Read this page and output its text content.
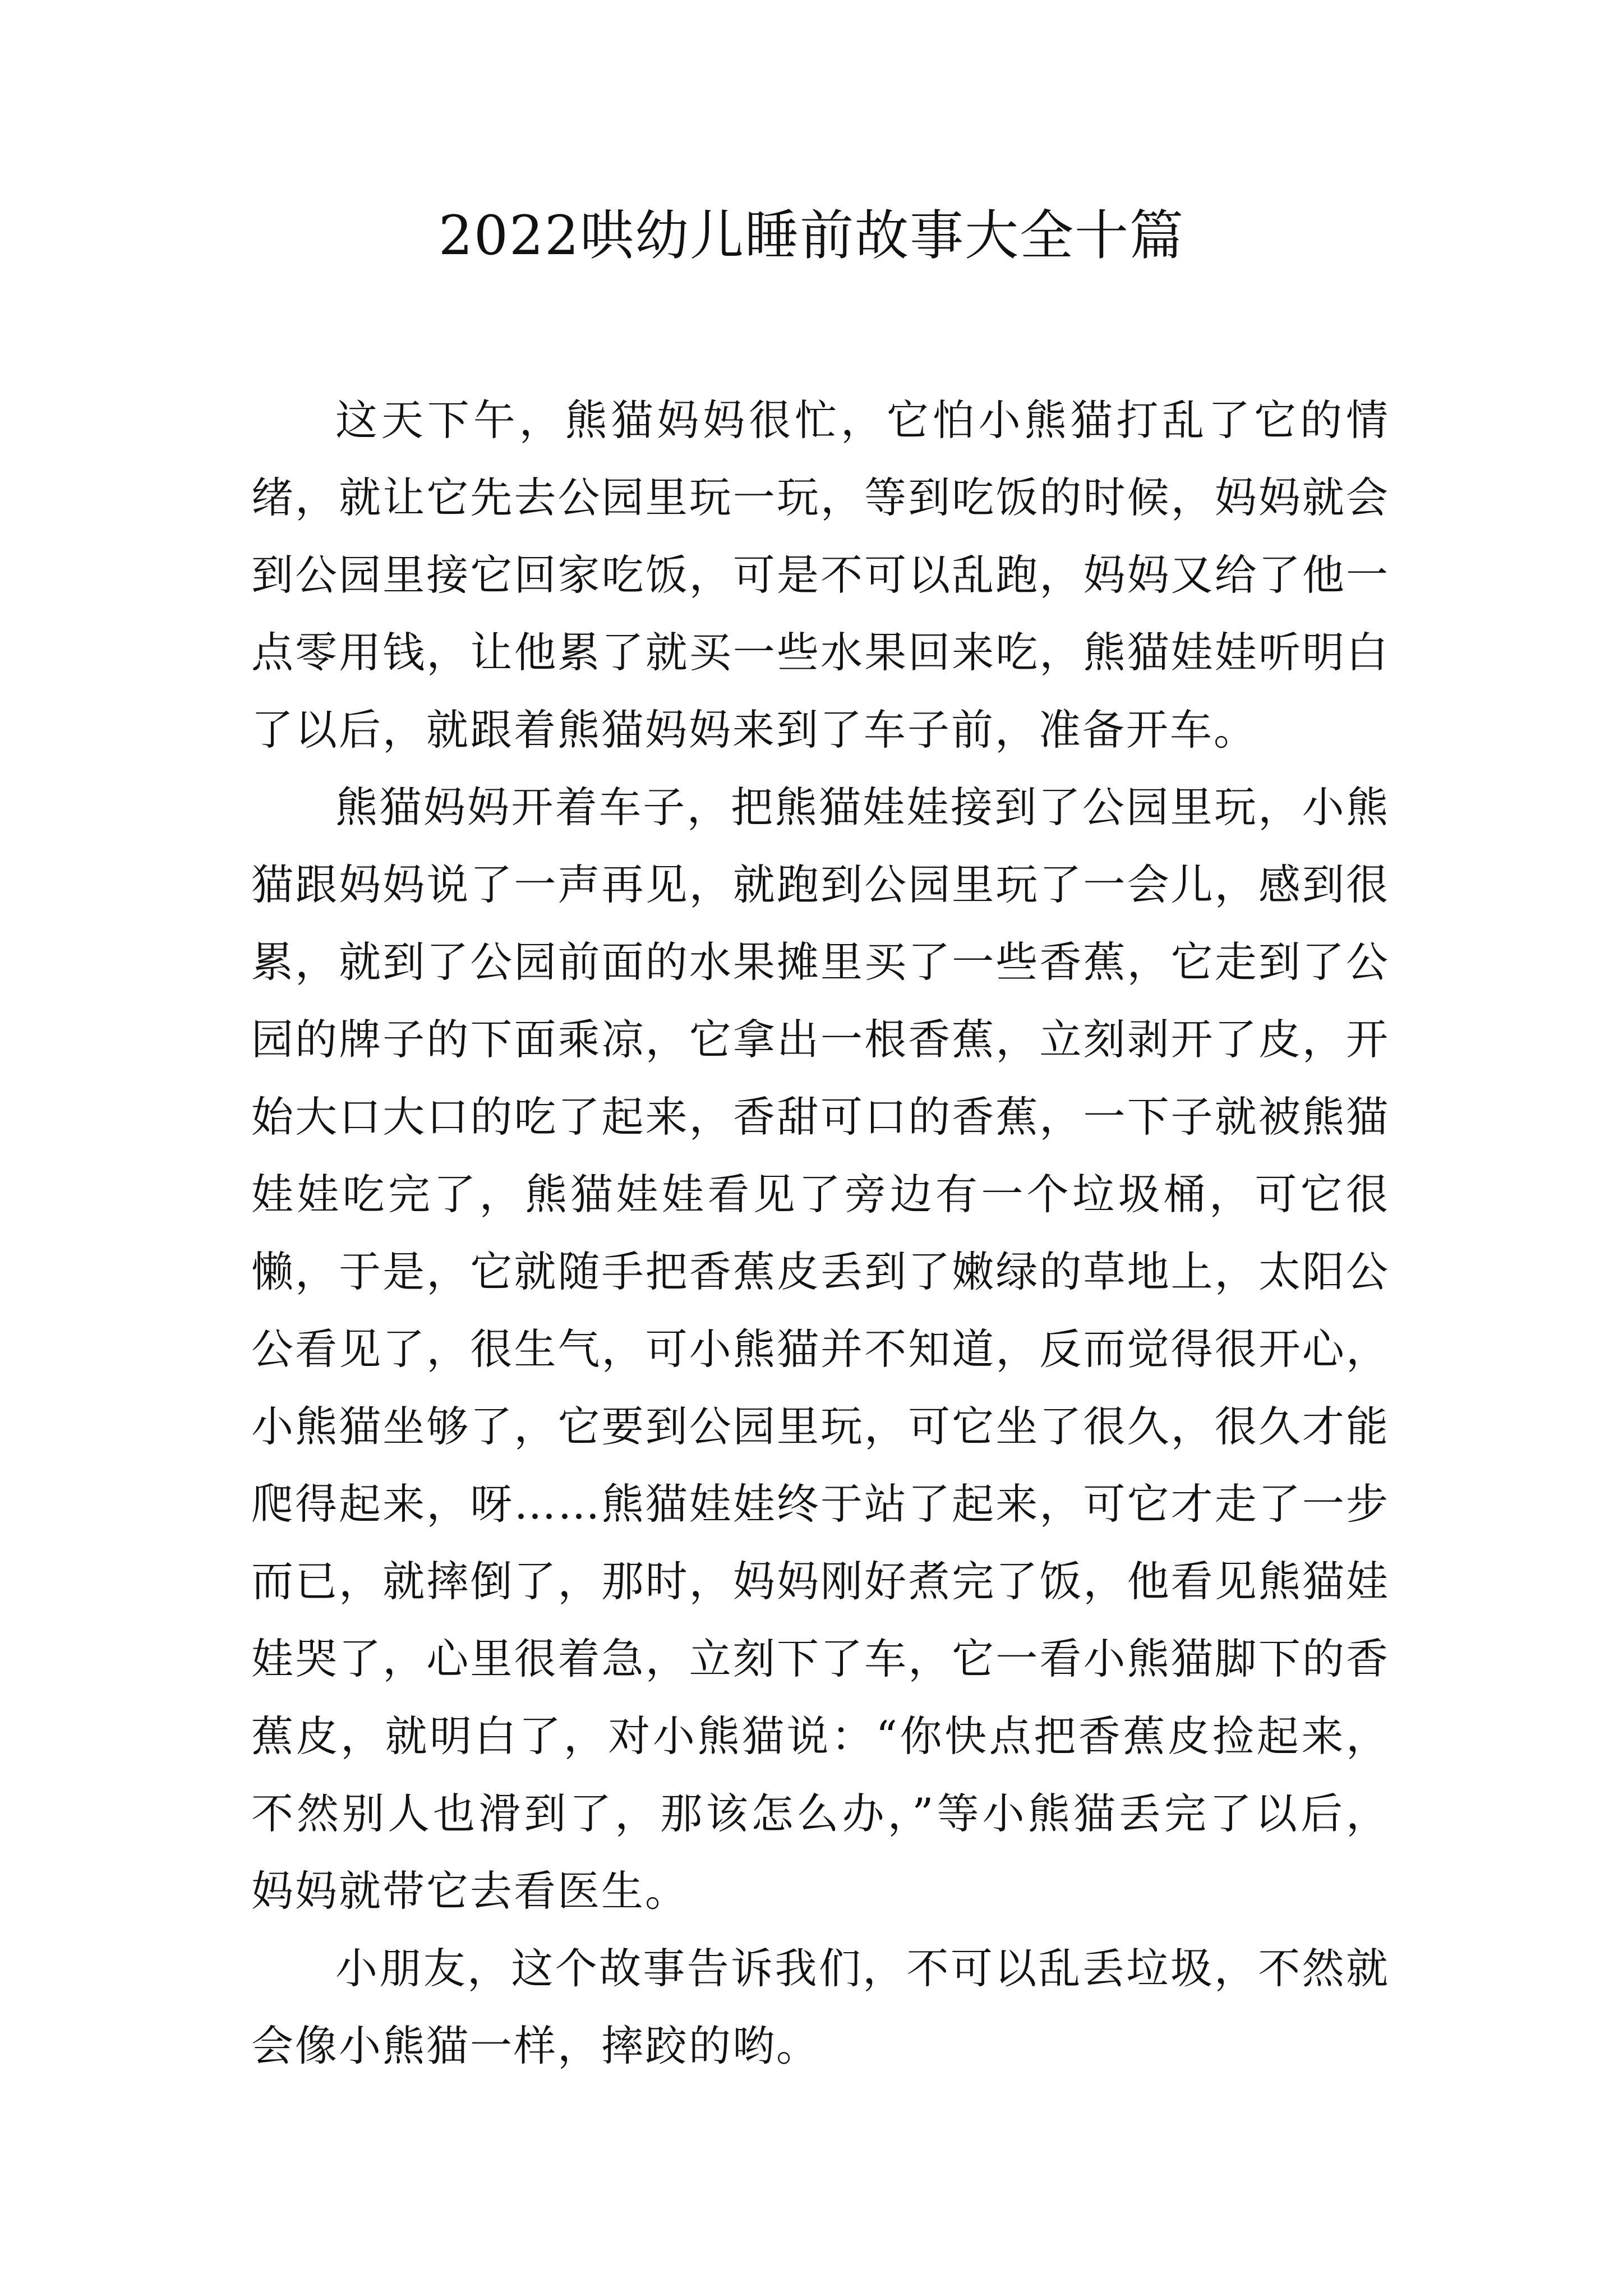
2022哄幼儿睡前故事大全十篇

这天下午，熊猫妈妈很忙，它怕小熊猫打乱了它的情绪，就让它先去公园里玩一玩，等到吃饭的时候，妈妈就会到公园里接它回家吃饭，可是不可以乱跑，妈妈又给了他一点零用钱，让他累了就买一些水果回来吃，熊猫娃娃听明白了以后，就跟着熊猫妈妈来到了车子前，准备开车。

熊猫妈妈开着车子，把熊猫娃娃接到了公园里玩，小熊猫跟妈妈说了一声再见，就跑到公园里玩了一会儿，感到很累，就到了公园前面的水果摊里买了一些香蕉，它走到了公园的牌子的下面乘凉，它拿出一根香蕉，立刻剥开了皮，开始大口大口的吃了起来，香甜可口的香蕉，一下子就被熊猫娃娃吃完了，熊猫娃娃看见了旁边有一个垃圾桶，可它很懒，于是，它就随手把香蕉皮丢到了嫩绿的草地上，太阳公公看见了，很生气，可小熊猫并不知道，反而觉得很开心，小熊猫坐够了，它要到公园里玩，可它坐了很久，很久才能爬得起来，呀……熊猫娃娃终于站了起来，可它才走了一步而已，就摔倒了，那时，妈妈刚好煮完了饭，他看见熊猫娃娃哭了，心里很着急，立刻下了车，它一看小熊猫脚下的香蕉皮，就明白了，对小熊猫说：“你快点把香蕉皮捡起来，不然别人也滑到了，那该怎么办，”等小熊猫丢完了以后，妈妈就带它去看医生。

小朋友，这个故事告诉我们，不可以乱丢垃圾，不然就会像小熊猫一样，摔跤的哟。
